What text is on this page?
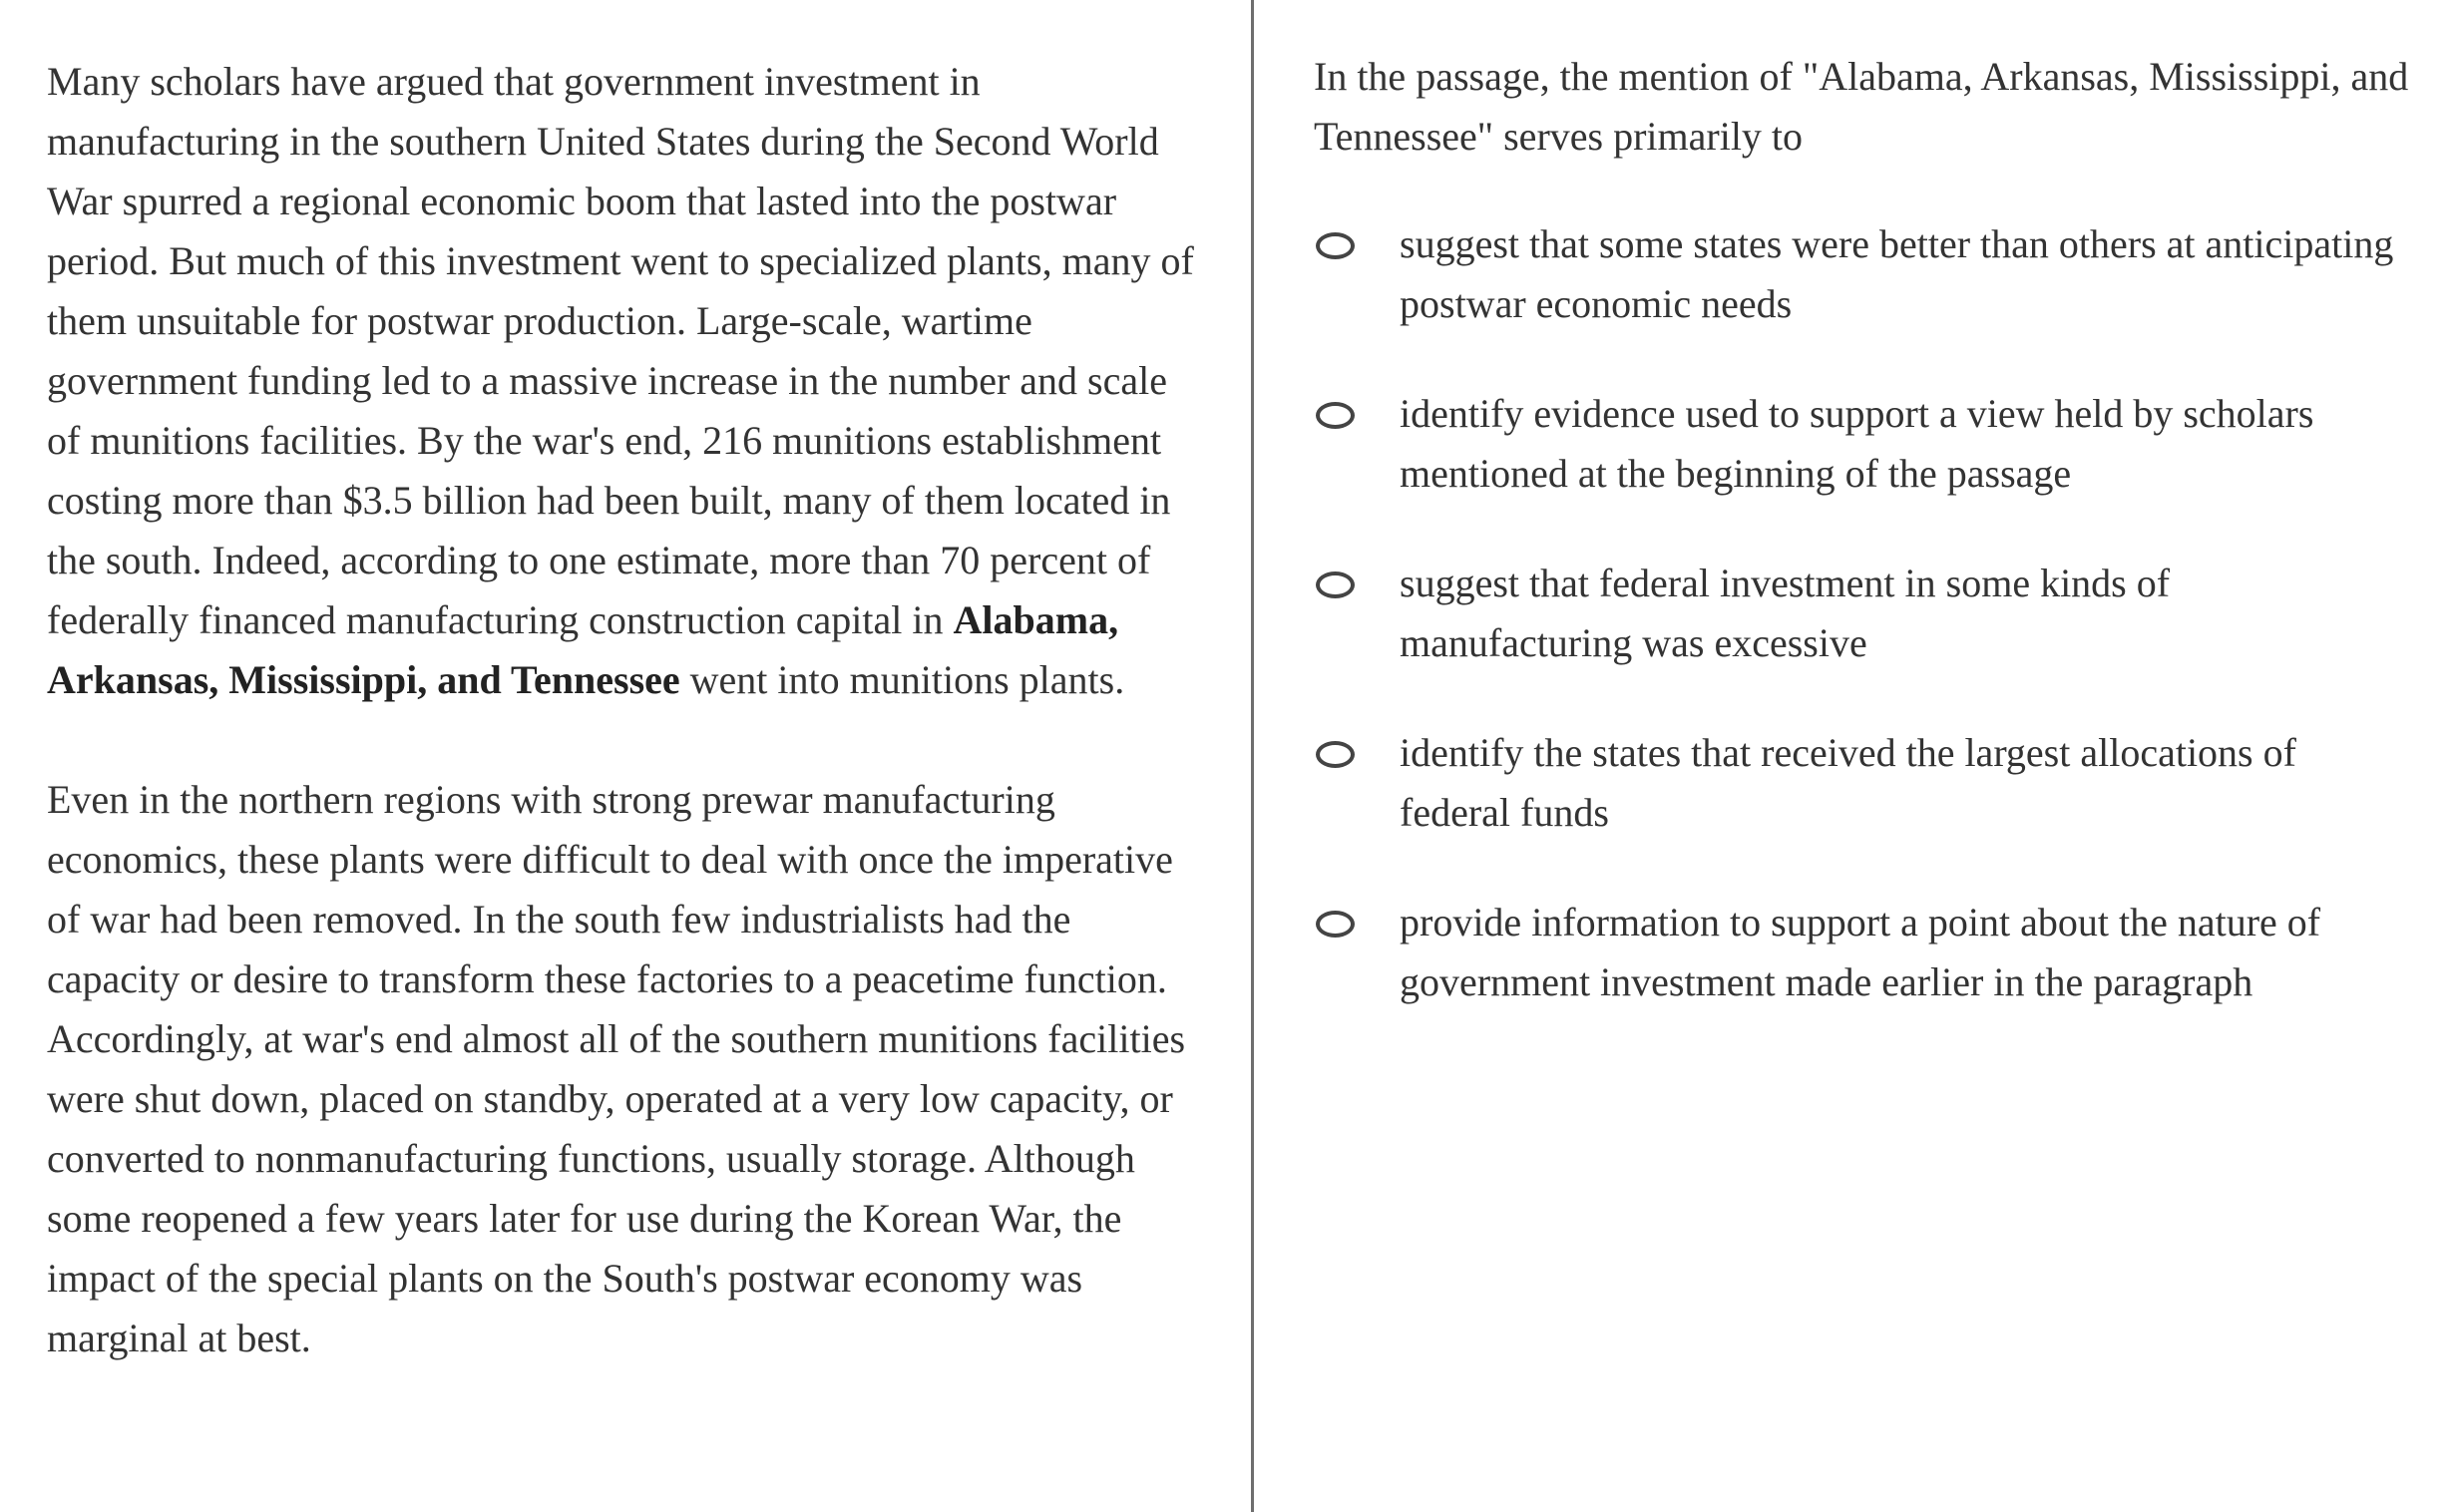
Many scholars have argued that government investment in manufacturing in the southern United States during the Second World War spurred a regional economic boom that lasted into the postwar period. But much of this investment went to specialized plants, many of them unsuitable for postwar production. Large-scale, wartime government funding led to a massive increase in the number and scale of munitions facilities. By the war's end, 216 munitions establishment costing more than $3.5 billion had been built, many of them located in the south. Indeed, according to one estimate, more than 70 percent of federally financed manufacturing construction capital in Alabama, Arkansas, Mississippi, and Tennessee went into munitions plants.

Even in the northern regions with strong prewar manufacturing economics, these plants were difficult to deal with once the imperative of war had been removed. In the south few industrialists had the capacity or desire to transform these factories to a peacetime function. Accordingly, at war's end almost all of the southern munitions facilities were shut down, placed on standby, operated at a very low capacity, or converted to nonmanufacturing functions, usually storage. Although some reopened a few years later for use during the Korean War, the impact of the special plants on the South's postwar economy was marginal at best.

In the passage, the mention of "Alabama, Arkansas, Mississippi, and Tennessee" serves primarily to

suggest that some states were better than others at anticipating postwar economic needs
identify evidence used to support a view held by scholars mentioned at the beginning of the passage
suggest that federal investment in some kinds of manufacturing was excessive
identify the states that received the largest allocations of federal funds
provide information to support a point about the nature of government investment made earlier in the paragraph
